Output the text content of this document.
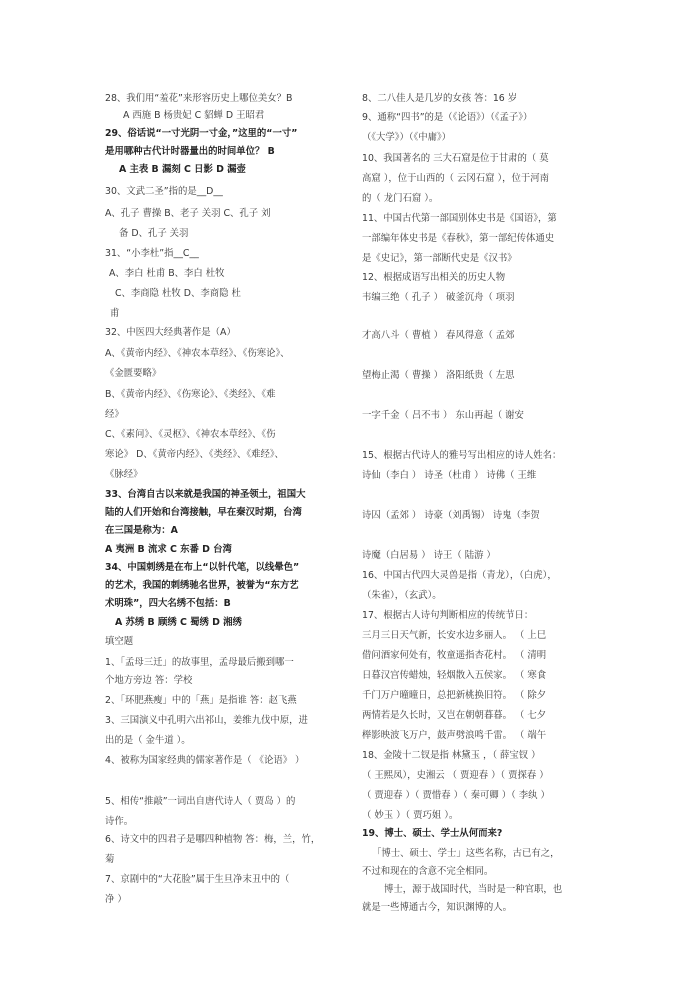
28、我们用“羞花”来形容历史上哪位美女？B
A 西施 B 杨贵妃 C 貂蝉 D 王昭君
29、俗话说“一寸光阴一寸金，”这里的“一寸”
是用哪种古代计时器量出的时间单位？ B
A 主表 B 漏刻 C 日影 D 漏壶
30、文武二圣”指的是__D__
A、孔子 曹操 B、老子 关羽 C、孔子 刘
备 D、孔子 关羽
31、“小李杜”指__C__
A、李白 杜甫 B、李白 杜牧
C、李商隐 杜牧 D、李商隐 杜
甫
32、中医四大经典著作是（A）
A、《黄帝内经》、《神农本草经》、《伤寒论》、
《金匮要略》
B、《黄帝内经》、《伤寒论》、《类经》、《难
经》
C、《素问》、《灵枢》、《神农本草经》、《伤
寒论》 D、《黄帝内经》、《类经》、《难经》、
《脉经》
33、台湾自古以来就是我国的神圣领土，祖国大
陆的人们开始和台湾接触，早在秦汉时期，台湾
在三国是称为：A
A 夷洲 B 流求 C 东番 D 台湾
34、中国刺绣是在布上“以针代笔，以线晕色”
的艺术，我国的刺绣驰名世界，被誉为“东方艺
术明珠”，四大名绣不包括：B
A 苏绣 B 顾绣 C 蜀绣 D 湘绣
填空题
1、「孟母三迁」的故事里，孟母最后搬到哪一
个地方旁边 答：学校
2、「环肥燕瘦」中的「燕」是指谁 答：赵飞燕
3、三国演义中孔明六出祁山，姜维九伐中原，进
出的是（ 金牛道 ）。
4、被称为国家经典的儒家著作是（ 《论语》 ）
5、相传“推敲”一词出自唐代诗人（ 贾岛 ）的
诗作。
6、诗文中的四君子是哪四种植物 答：梅，兰，竹，
菊
7、京剧中的“大花脸”属于生旦净末丑中的（
净 ）
8、二八佳人是几岁的女孩 答：16 岁
9、通称“四书”的是（《论语》）（《孟子》）
（《大学》）（《中庸》）
10、我国著名的 三大石窟是位于甘肃的（ 莫
高窟 ），位于山西的（ 云冈石窟 ），位于河南
的（ 龙门石窟 ）。
11、中国古代第一部国别体史书是《国语》，第
一部编年体史书是《春秋》，第一部纪传体通史
是《史记》，第一部断代史是《汉书》
12、根据成语写出相关的历史人物
韦编三绝（ 孔子 ） 破釜沉舟（ 项羽
才高八斗（ 曹植 ） 春风得意（ 孟郊
望梅止渴（ 曹操 ） 洛阳纸贵（ 左思
一字千金（ 吕不韦 ） 东山再起（ 谢安
15、根据古代诗人的雅号写出相应的诗人姓名：
诗仙（李白 ） 诗圣（杜甫 ） 诗佛（ 王维
诗囚（孟郊 ） 诗豪（刘禹锡） 诗鬼（李贺
诗魔（白居易 ） 诗王（ 陆游 ）
16、中国古代四大灵兽是指（青龙），（白虎），
（朱雀），（玄武）。
17、根据古人诗句判断相应的传统节日：
三月三日天气新，长安水边多丽人。 （ 上巳
借问酒家何处有，牧童遥指杏花村。 （ 清明
日暮汉宫传蜡烛，轻烟散入五侯家。 （ 寒食
千门万户曈曈日，总把新桃换旧符。 （ 除夕
两情若是久长时，又岂在朝朝暮暮。 （ 七夕
榉影映波飞万户，鼓声劈浪鸣千雷。 （ 端午
18、金陵十二钗是指 林黛玉 ，（ 薛宝钗 ）
（ 王熙凤），史湘云 （ 贾迎春 ）（ 贾探春 ）
（ 贾迎春 ）（ 贾惜春 ）（ 秦可卿 ）（ 李纨 ）
（ 妙玉 ）（ 贾巧姐 ）。
19、博士、硕士、学士从何而来?
「博士、硕士、学士」这些名称，古已有之，
不过和现在的含意不完全相同。
博士，源于战国时代，当时是一种官职，也
就是一些博通古今，知识渊博的人。
